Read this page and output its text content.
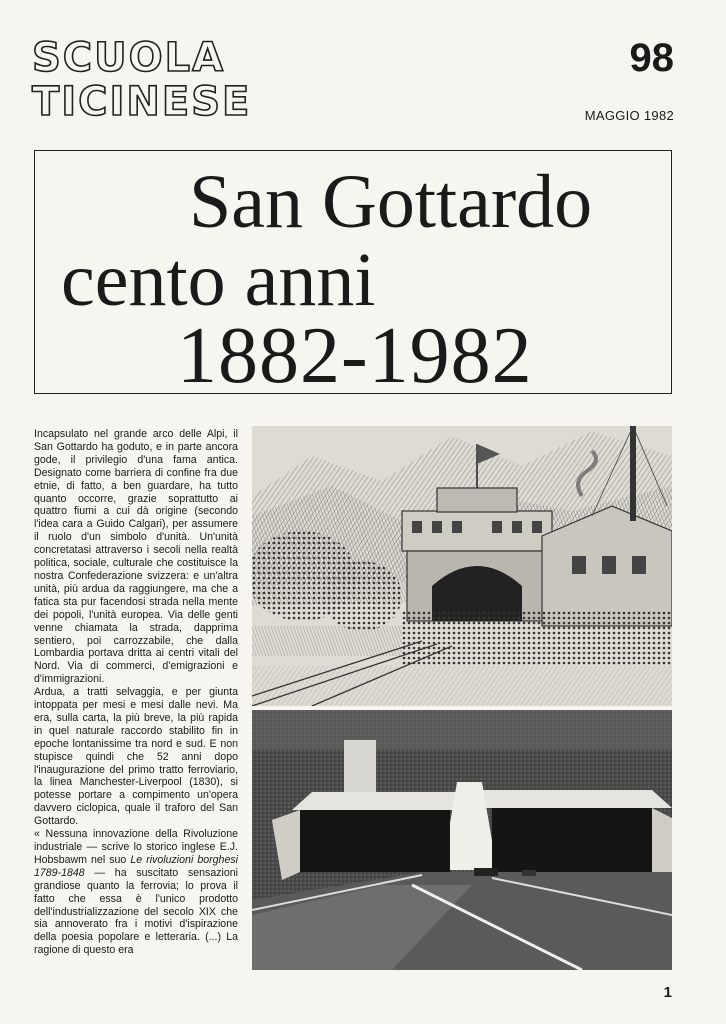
SCUOLA
TICINESE
98
MAGGIO 1982
San Gottardo
cento anni
1882-1982

Incapsulato nel grande arco delle Alpi, il San Gottardo ha goduto, e in parte ancora gode, il privilegio d'una fama antica. Designato come barriera di confine fra due etnie, di fatto, a ben guardare, ha tutto quanto occorre, grazie soprattutto ai quattro fiumi a cui dà origine (secondo l'idea cara a Guido Calgari), per assumere il ruolo d'un simbolo d'unità. Un'unità concretatasi attraverso i secoli nella realtà politica, sociale, culturale che costituisce la nostra Confederazione svizzera: e un'altra unità, più ardua da raggiungere, ma che a fatica sta pur facendosi strada nella mente dei popoli, l'unità europea. Via delle genti venne chiamata la strada, dapprima sentiero, poi carrozzabile, che dalla Lombardia portava dritta ai centri vitali del Nord. Via di commerci, d'emigrazioni e d'immigrazioni.

Ardua, a tratti selvaggia, e per giunta intoppata per mesi e mesi dalle nevi. Ma era, sulla carta, la più breve, la più rapida in quel naturale raccordo stabilito fin in epoche lontanissime tra nord e sud. E non stupisce quindi che 52 anni dopo l'inaugurazione del primo tratto ferroviario, la linea Manchester-Liverpool (1830), si potesse portare a compimento un'opera davvero ciclopica, quale il traforo del San Gottardo.

« Nessuna innovazione della Rivoluzione industriale — scrive lo storico inglese E.J. Hobsbawm nel suo Le rivoluzioni borghesi 1789-1848 — ha suscitato sensazioni grandiose quanto la ferrovia; lo prova il fatto che essa è l'unico prodotto dell'industrializzazione del secolo XIX che sia annoverato fra i motivi d'ispirazione della poesia popolare e letteraria. (...) La ragione di questo era

1
